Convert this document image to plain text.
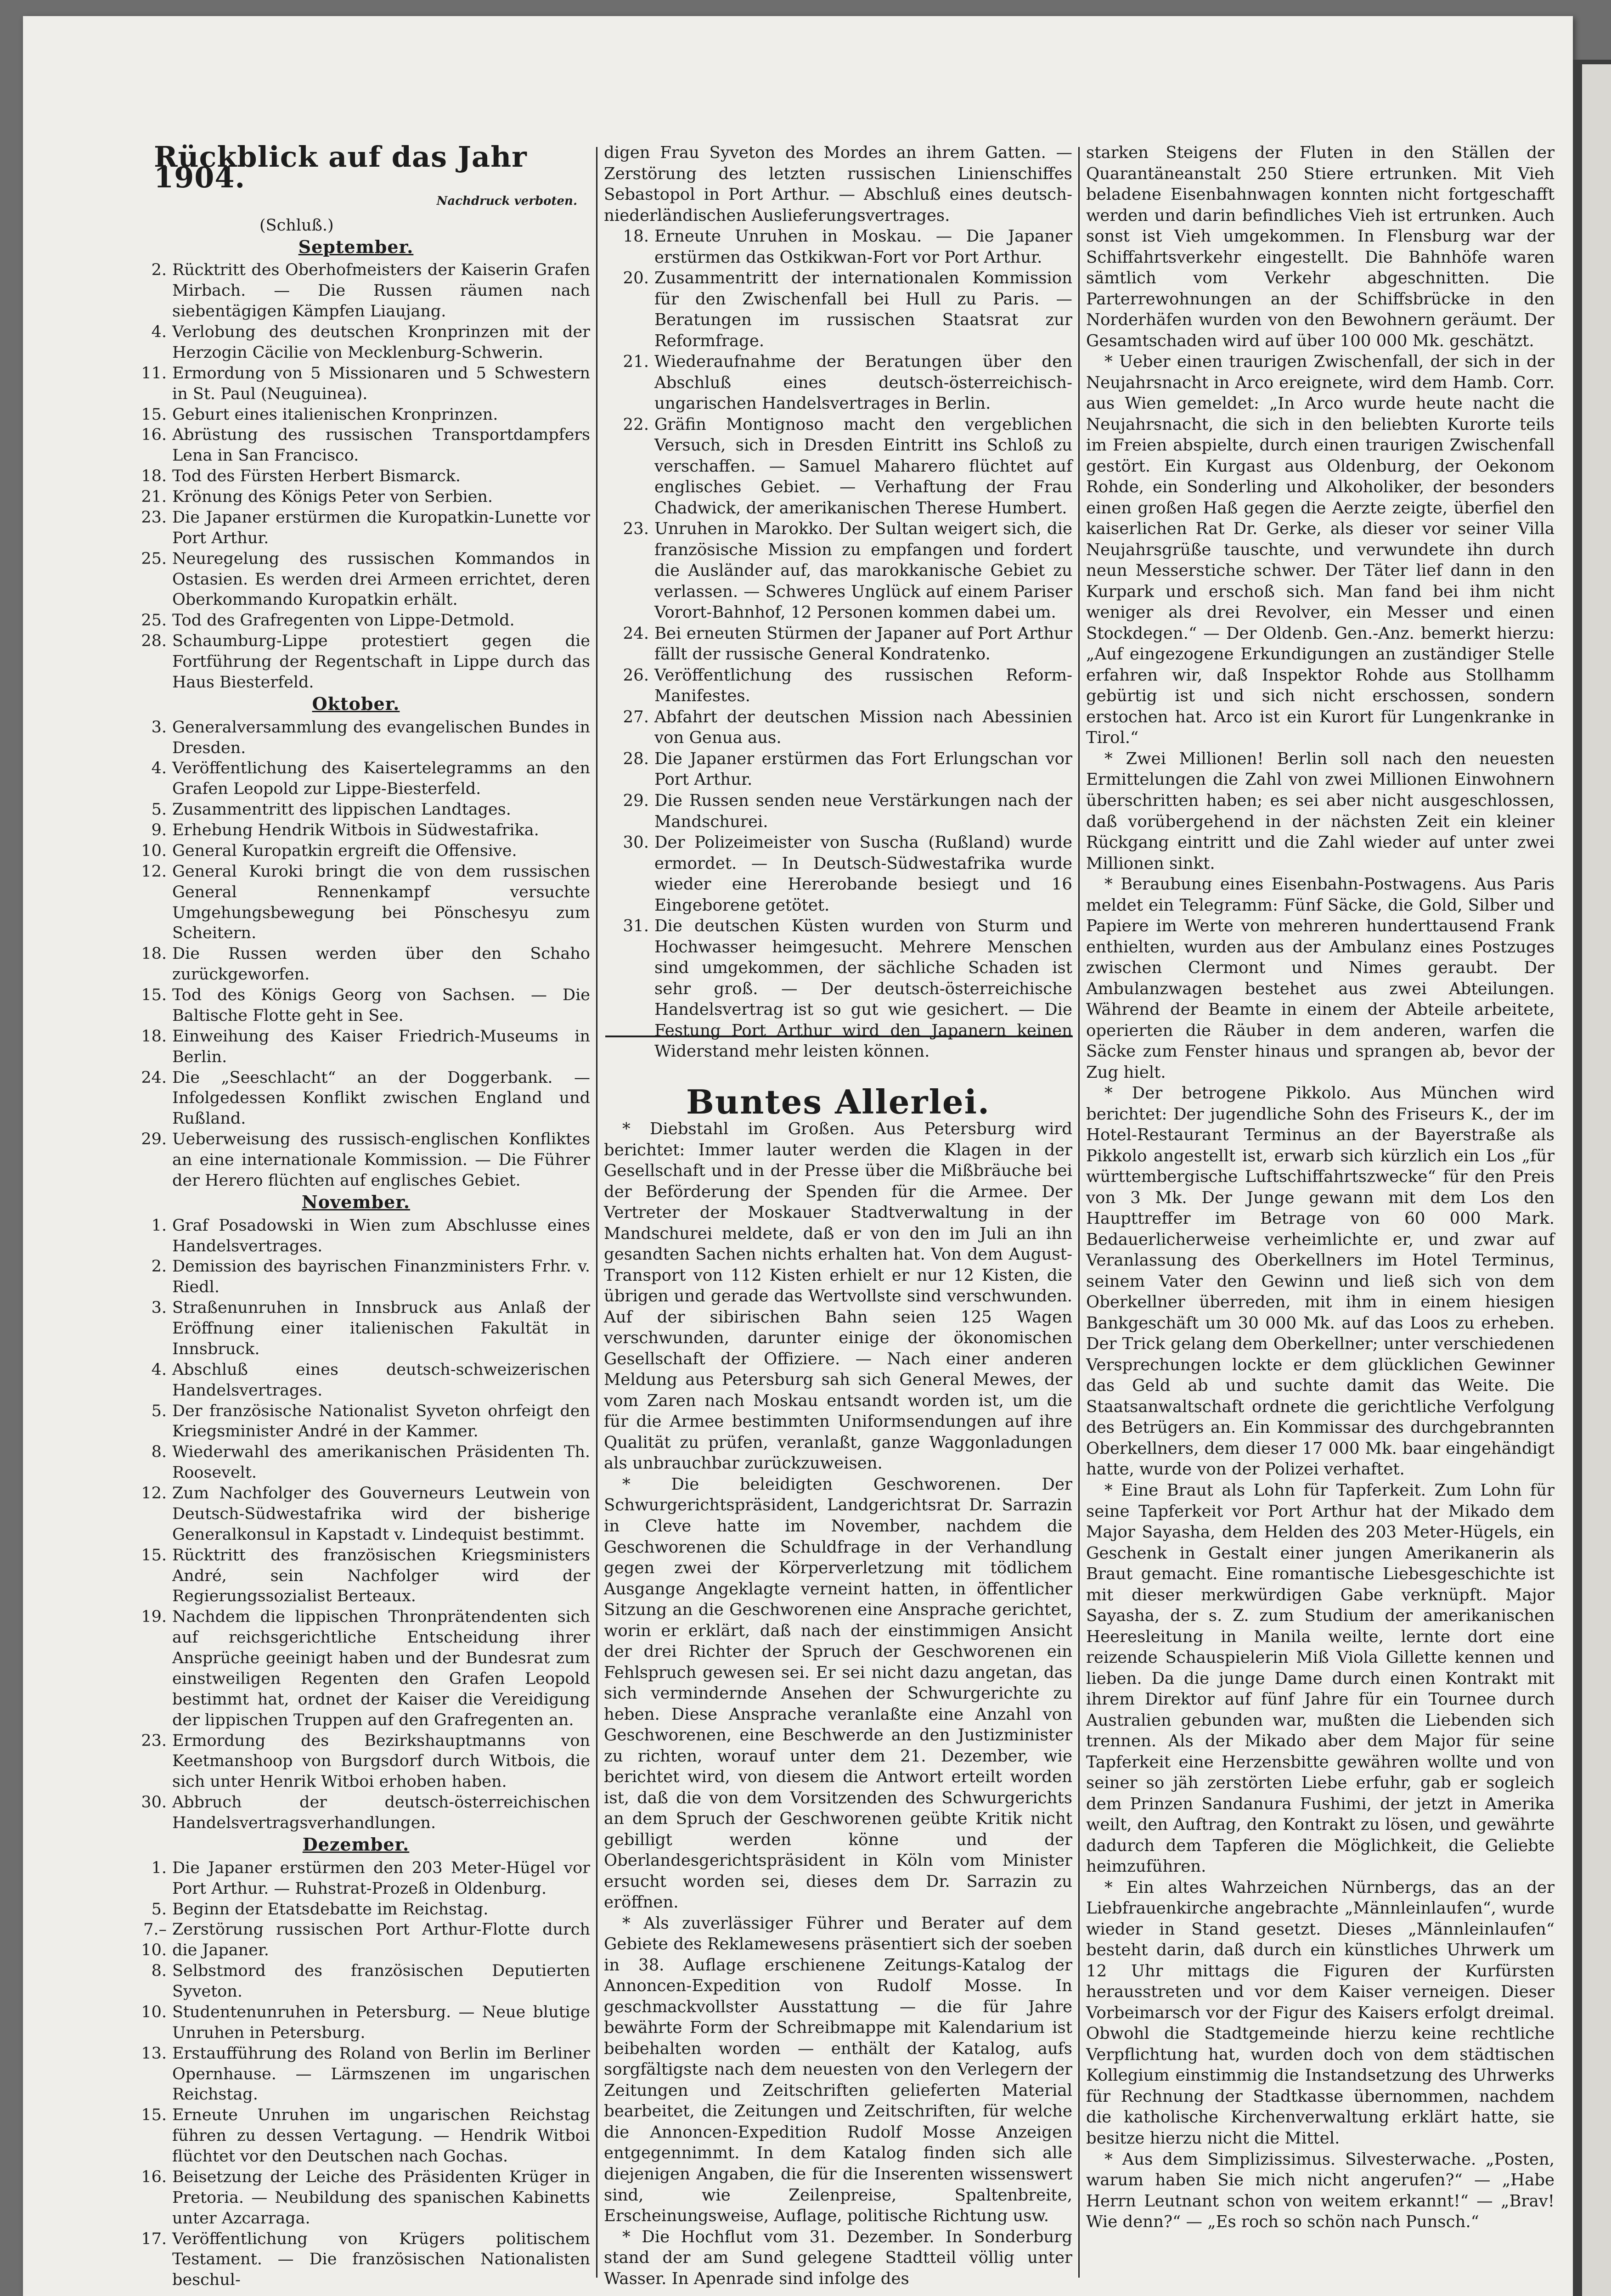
Rückblick auf das Jahr 1904.
Nachdruck verboten.

(Schluß.)

September.
2. Rücktritt des Oberhofmeisters der Kaiserin Grafen Mirbach. — Die Russen räumen nach siebentägigen Kämpfen Liaujang.
4. Verlobung des deutschen Kronprinzen mit der Herzogin Cäcilie von Mecklenburg-Schwerin.
11. Ermordung von 5 Missionaren und 5 Schwestern in St. Paul (Neuguinea).
15. Geburt eines italienischen Kronprinzen.
16. Abrüstung des russischen Transportdampfers Lena in San Francisco.
18. Tod des Fürsten Herbert Bismarck.
21. Krönung des Königs Peter von Serbien.
23. Die Japaner erstürmen die Kuropatkin-Lunette vor Port Arthur.
25. Neuregelung des russischen Kommandos in Ostasien. Es werden drei Armeen errichtet, deren Oberkommando Kuropatkin erhält.
25. Tod des Grafregenten von Lippe-Detmold.
28. Schaumburg-Lippe protestiert gegen die Fortführung der Regentschaft in Lippe durch das Haus Biesterfeld.
Oktober.
3. Generalversammlung des evangelischen Bundes in Dresden.
4. Veröffentlichung des Kaisertelegramms an den Grafen Leopold zur Lippe-Biesterfeld.
5. Zusammentritt des lippischen Landtages.
9. Erhebung Hendrik Witbois in Südwestafrika.
10. General Kuropatkin ergreift die Offensive.
12. General Kuroki bringt die von dem russischen General Rennenkampf versuchte Umgehungsbewegung bei Pönschesyu zum Scheitern.
18. Die Russen werden über den Schaho zurückgeworfen.
15. Tod des Königs Georg von Sachsen. — Die Baltische Flotte geht in See.
18. Einweihung des Kaiser Friedrich-Museums in Berlin.
24. Die „Seeschlacht“ an der Doggerbank. — Infolgedessen Konflikt zwischen England und Rußland.
29. Ueberweisung des russisch-englischen Konfliktes an eine internationale Kommission. — Die Führer der Herero flüchten auf englisches Gebiet.
November.
1. Graf Posadowski in Wien zum Abschlusse eines Handelsvertrages.
2. Demission des bayrischen Finanzministers Frhr. v. Riedl.
3. Straßenunruhen in Innsbruck aus Anlaß der Eröffnung einer italienischen Fakultät in Innsbruck.
4. Abschluß eines deutsch-schweizerischen Handelsvertrages.
5. Der französische Nationalist Syveton ohrfeigt den Kriegsminister André in der Kammer.
8. Wiederwahl des amerikanischen Präsidenten Th. Roosevelt.
12. Zum Nachfolger des Gouverneurs Leutwein von Deutsch-Südwestafrika wird der bisherige Generalkonsul in Kapstadt v. Lindequist bestimmt.
15. Rücktritt des französischen Kriegsministers André, sein Nachfolger wird der Regierungssozialist Berteaux.
19. Nachdem die lippischen Thronprätendenten sich auf reichsgerichtliche Entscheidung ihrer Ansprüche geeinigt haben und der Bundesrat zum einstweiligen Regenten den Grafen Leopold bestimmt hat, ordnet der Kaiser die Vereidigung der lippischen Truppen auf den Grafregenten an.
23. Ermordung des Bezirkshauptmanns von Keetmanshoop von Burgsdorf durch Witbois, die sich unter Henrik Witboi erhoben haben.
30. Abbruch der deutsch-österreichischen Handelsvertragsverhandlungen.
Dezember.
1. Die Japaner erstürmen den 203 Meter-Hügel vor Port Arthur. — Ruhstrat-Prozeß in Oldenburg.
5. Beginn der Etatsdebatte im Reichstag.
7.–10.
Zerstörung russischen Port Arthur-Flotte durch die Japaner.
8. Selbstmord des französischen Deputierten Syveton.
10. Studentenunruhen in Petersburg. — Neue blutige Unruhen in Petersburg.
13. Erstaufführung des Roland von Berlin im Berliner Opernhause. — Lärmszenen im ungarischen Reichstag.
15. Erneute Unruhen im ungarischen Reichstag führen zu dessen Vertagung. — Hendrik Witboi flüchtet vor den Deutschen nach Gochas.
16. Beisetzung der Leiche des Präsidenten Krüger in Pretoria. — Neubildung des spanischen Kabinetts unter Azcarraga.
17. Veröffentlichung von Krügers politischem Testament. — Die französischen Nationalisten beschul-

digen Frau Syveton des Mordes an ihrem Gatten. — Zerstörung des letzten russischen Linienschiffes Sebastopol in Port Arthur. — Abschluß eines deutsch-niederländischen Auslieferungsvertrages.

18. Erneute Unruhen in Moskau. — Die Japaner erstürmen das Ostkikwan-Fort vor Port Arthur.
20. Zusammentritt der internationalen Kommission für den Zwischenfall bei Hull zu Paris. — Beratungen im russischen Staatsrat zur Reformfrage.
21. Wiederaufnahme der Beratungen über den Abschluß eines deutsch-österreichisch-ungarischen Handelsvertrages in Berlin.
22. Gräfin Montignoso macht den vergeblichen Versuch, sich in Dresden Eintritt ins Schloß zu verschaffen. — Samuel Maharero flüchtet auf englisches Gebiet. — Verhaftung der Frau Chadwick, der amerikanischen Therese Humbert.
23. Unruhen in Marokko. Der Sultan weigert sich, die französische Mission zu empfangen und fordert die Ausländer auf, das marokkanische Gebiet zu verlassen. — Schweres Unglück auf einem Pariser Vorort-Bahnhof, 12 Personen kommen dabei um.
24. Bei erneuten Stürmen der Japaner auf Port Arthur fällt der russische General Kondratenko.
26. Veröffentlichung des russischen Reform-Manifestes.
27. Abfahrt der deutschen Mission nach Abessinien von Genua aus.
28. Die Japaner erstürmen das Fort Erlungschan vor Port Arthur.
29. Die Russen senden neue Verstärkungen nach der Mandschurei.
30. Der Polizeimeister von Suscha (Rußland) wurde ermordet. — In Deutsch-Südwestafrika wurde wieder eine Hererobande besiegt und 16 Eingeborene getötet.
31. Die deutschen Küsten wurden von Sturm und Hochwasser heimgesucht. Mehrere Menschen sind umgekommen, der sächliche Schaden ist sehr groß. — Der deutsch-österreichische Handelsvertrag ist so gut wie gesichert. — Die Festung Port Arthur wird den Japanern keinen Widerstand mehr leisten können.
Buntes Allerlei.

* Diebstahl im Großen. Aus Petersburg wird berichtet: Immer lauter werden die Klagen in der Gesellschaft und in der Presse über die Mißbräuche bei der Beförderung der Spenden für die Armee. Der Vertreter der Moskauer Stadtverwaltung in der Mandschurei meldete, daß er von den im Juli an ihn gesandten Sachen nichts erhalten hat. Von dem August-Transport von 112 Kisten erhielt er nur 12 Kisten, die übrigen und gerade das Wertvollste sind verschwunden. Auf der sibirischen Bahn seien 125 Wagen verschwunden, darunter einige der ökonomischen Gesellschaft der Offiziere. — Nach einer anderen Meldung aus Petersburg sah sich General Mewes, der vom Zaren nach Moskau entsandt worden ist, um die für die Armee bestimmten Uniformsendungen auf ihre Qualität zu prüfen, veranlaßt, ganze Waggonladungen als unbrauchbar zurückzuweisen.

* Die beleidigten Geschworenen. Der Schwurgerichtspräsident, Landgerichtsrat Dr. Sarrazin in Cleve hatte im November, nachdem die Geschworenen die Schuldfrage in der Verhandlung gegen zwei der Körperverletzung mit tödlichem Ausgange Angeklagte verneint hatten, in öffentlicher Sitzung an die Geschworenen eine Ansprache gerichtet, worin er erklärt, daß nach der einstimmigen Ansicht der drei Richter der Spruch der Geschworenen ein Fehlspruch gewesen sei. Er sei nicht dazu angetan, das sich vermindernde Ansehen der Schwurgerichte zu heben. Diese Ansprache veranlaßte eine Anzahl von Geschworenen, eine Beschwerde an den Justizminister zu richten, worauf unter dem 21. Dezember, wie berichtet wird, von diesem die Antwort erteilt worden ist, daß die von dem Vorsitzenden des Schwurgerichts an dem Spruch der Geschworenen geübte Kritik nicht gebilligt werden könne und der Oberlandesgerichtspräsident in Köln vom Minister ersucht worden sei, dieses dem Dr. Sarrazin zu eröffnen.

* Als zuverlässiger Führer und Berater auf dem Gebiete des Reklamewesens präsentiert sich der soeben in 38. Auflage erschienene Zeitungs-Katalog der Annoncen-Expedition von Rudolf Mosse. In geschmackvollster Ausstattung — die für Jahre bewährte Form der Schreibmappe mit Kalendarium ist beibehalten worden — enthält der Katalog, aufs sorgfältigste nach dem neuesten von den Verlegern der Zeitungen und Zeitschriften gelieferten Material bearbeitet, die Zeitungen und Zeitschriften, für welche die Annoncen-Expedition Rudolf Mosse Anzeigen entgegennimmt. In dem Katalog finden sich alle diejenigen Angaben, die für die Inserenten wissenswert sind, wie Zeilenpreise, Spaltenbreite, Erscheinungsweise, Auflage, politische Richtung usw.

* Die Hochflut vom 31. Dezember. In Sonderburg stand der am Sund gelegene Stadtteil völlig unter Wasser. In Apenrade sind infolge des

starken Steigens der Fluten in den Ställen der Quarantäneanstalt 250 Stiere ertrunken. Mit Vieh beladene Eisenbahnwagen konnten nicht fortgeschafft werden und darin befindliches Vieh ist ertrunken. Auch sonst ist Vieh umgekommen. In Flensburg war der Schiffahrtsverkehr eingestellt. Die Bahnhöfe waren sämtlich vom Verkehr abgeschnitten. Die Parterrewohnungen an der Schiffsbrücke in den Norderhäfen wurden von den Bewohnern geräumt. Der Gesamtschaden wird auf über 100 000 Mk. geschätzt.

* Ueber einen traurigen Zwischenfall, der sich in der Neujahrsnacht in Arco ereignete, wird dem Hamb. Corr. aus Wien gemeldet: „In Arco wurde heute nacht die Neujahrsnacht, die sich in den beliebten Kurorte teils im Freien abspielte, durch einen traurigen Zwischenfall gestört. Ein Kurgast aus Oldenburg, der Oekonom Rohde, ein Sonderling und Alkoholiker, der besonders einen großen Haß gegen die Aerzte zeigte, überfiel den kaiserlichen Rat Dr. Gerke, als dieser vor seiner Villa Neujahrsgrüße tauschte, und verwundete ihn durch neun Messerstiche schwer. Der Täter lief dann in den Kurpark und erschoß sich. Man fand bei ihm nicht weniger als drei Revolver, ein Messer und einen Stockdegen.“ — Der Oldenb. Gen.-Anz. bemerkt hierzu: „Auf eingezogene Erkundigungen an zuständiger Stelle erfahren wir, daß Inspektor Rohde aus Stollhamm gebürtig ist und sich nicht erschossen, sondern erstochen hat. Arco ist ein Kurort für Lungenkranke in Tirol.“

* Zwei Millionen! Berlin soll nach den neuesten Ermittelungen die Zahl von zwei Millionen Einwohnern überschritten haben; es sei aber nicht ausgeschlossen, daß vorübergehend in der nächsten Zeit ein kleiner Rückgang eintritt und die Zahl wieder auf unter zwei Millionen sinkt.

* Beraubung eines Eisenbahn-Postwagens. Aus Paris meldet ein Telegramm: Fünf Säcke, die Gold, Silber und Papiere im Werte von mehreren hunderttausend Frank enthielten, wurden aus der Ambulanz eines Postzuges zwischen Clermont und Nimes geraubt. Der Ambulanzwagen bestehet aus zwei Abteilungen. Während der Beamte in einem der Abteile arbeitete, operierten die Räuber in dem anderen, warfen die Säcke zum Fenster hinaus und sprangen ab, bevor der Zug hielt.

* Der betrogene Pikkolo. Aus München wird berichtet: Der jugendliche Sohn des Friseurs K., der im Hotel-Restaurant Terminus an der Bayerstraße als Pikkolo angestellt ist, erwarb sich kürzlich ein Los „für württembergische Luftschiffahrtszwecke“ für den Preis von 3 Mk. Der Junge gewann mit dem Los den Haupttreffer im Betrage von 60 000 Mark. Bedauerlicherweise verheimlichte er, und zwar auf Veranlassung des Oberkellners im Hotel Terminus, seinem Vater den Gewinn und ließ sich von dem Oberkellner überreden, mit ihm in einem hiesigen Bankgeschäft um 30 000 Mk. auf das Loos zu erheben. Der Trick gelang dem Oberkellner; unter verschiedenen Versprechungen lockte er dem glücklichen Gewinner das Geld ab und suchte damit das Weite. Die Staatsanwaltschaft ordnete die gerichtliche Verfolgung des Betrügers an. Ein Kommissar des durchgebrannten Oberkellners, dem dieser 17 000 Mk. baar eingehändigt hatte, wurde von der Polizei verhaftet.

* Eine Braut als Lohn für Tapferkeit. Zum Lohn für seine Tapferkeit vor Port Arthur hat der Mikado dem Major Sayasha, dem Helden des 203 Meter-Hügels, ein Geschenk in Gestalt einer jungen Amerikanerin als Braut gemacht. Eine romantische Liebesgeschichte ist mit dieser merkwürdigen Gabe verknüpft. Major Sayasha, der s. Z. zum Studium der amerikanischen Heeresleitung in Manila weilte, lernte dort eine reizende Schauspielerin Miß Viola Gillette kennen und lieben. Da die junge Dame durch einen Kontrakt mit ihrem Direktor auf fünf Jahre für ein Tournee durch Australien gebunden war, mußten die Liebenden sich trennen. Als der Mikado aber dem Major für seine Tapferkeit eine Herzensbitte gewähren wollte und von seiner so jäh zerstörten Liebe erfuhr, gab er sogleich dem Prinzen Sandanura Fushimi, der jetzt in Amerika weilt, den Auftrag, den Kontrakt zu lösen, und gewährte dadurch dem Tapferen die Möglichkeit, die Geliebte heimzuführen.

* Ein altes Wahrzeichen Nürnbergs, das an der Liebfrauenkirche angebrachte „Männleinlaufen“, wurde wieder in Stand gesetzt. Dieses „Männleinlaufen“ besteht darin, daß durch ein künstliches Uhrwerk um 12 Uhr mittags die Figuren der Kurfürsten herausstreten und vor dem Kaiser verneigen. Dieser Vorbeimarsch vor der Figur des Kaisers erfolgt dreimal. Obwohl die Stadtgemeinde hierzu keine rechtliche Verpflichtung hat, wurden doch von dem städtischen Kollegium einstimmig die Instandsetzung des Uhrwerks für Rechnung der Stadtkasse übernommen, nachdem die katholische Kirchenverwaltung erklärt hatte, sie besitze hierzu nicht die Mittel.

* Aus dem Simplizissimus. Silvesterwache. „Posten, warum haben Sie mich nicht angerufen?“ — „Habe Herrn Leutnant schon von weitem erkannt!“ — „Brav! Wie denn?“ — „Es roch so schön nach Punsch.“
